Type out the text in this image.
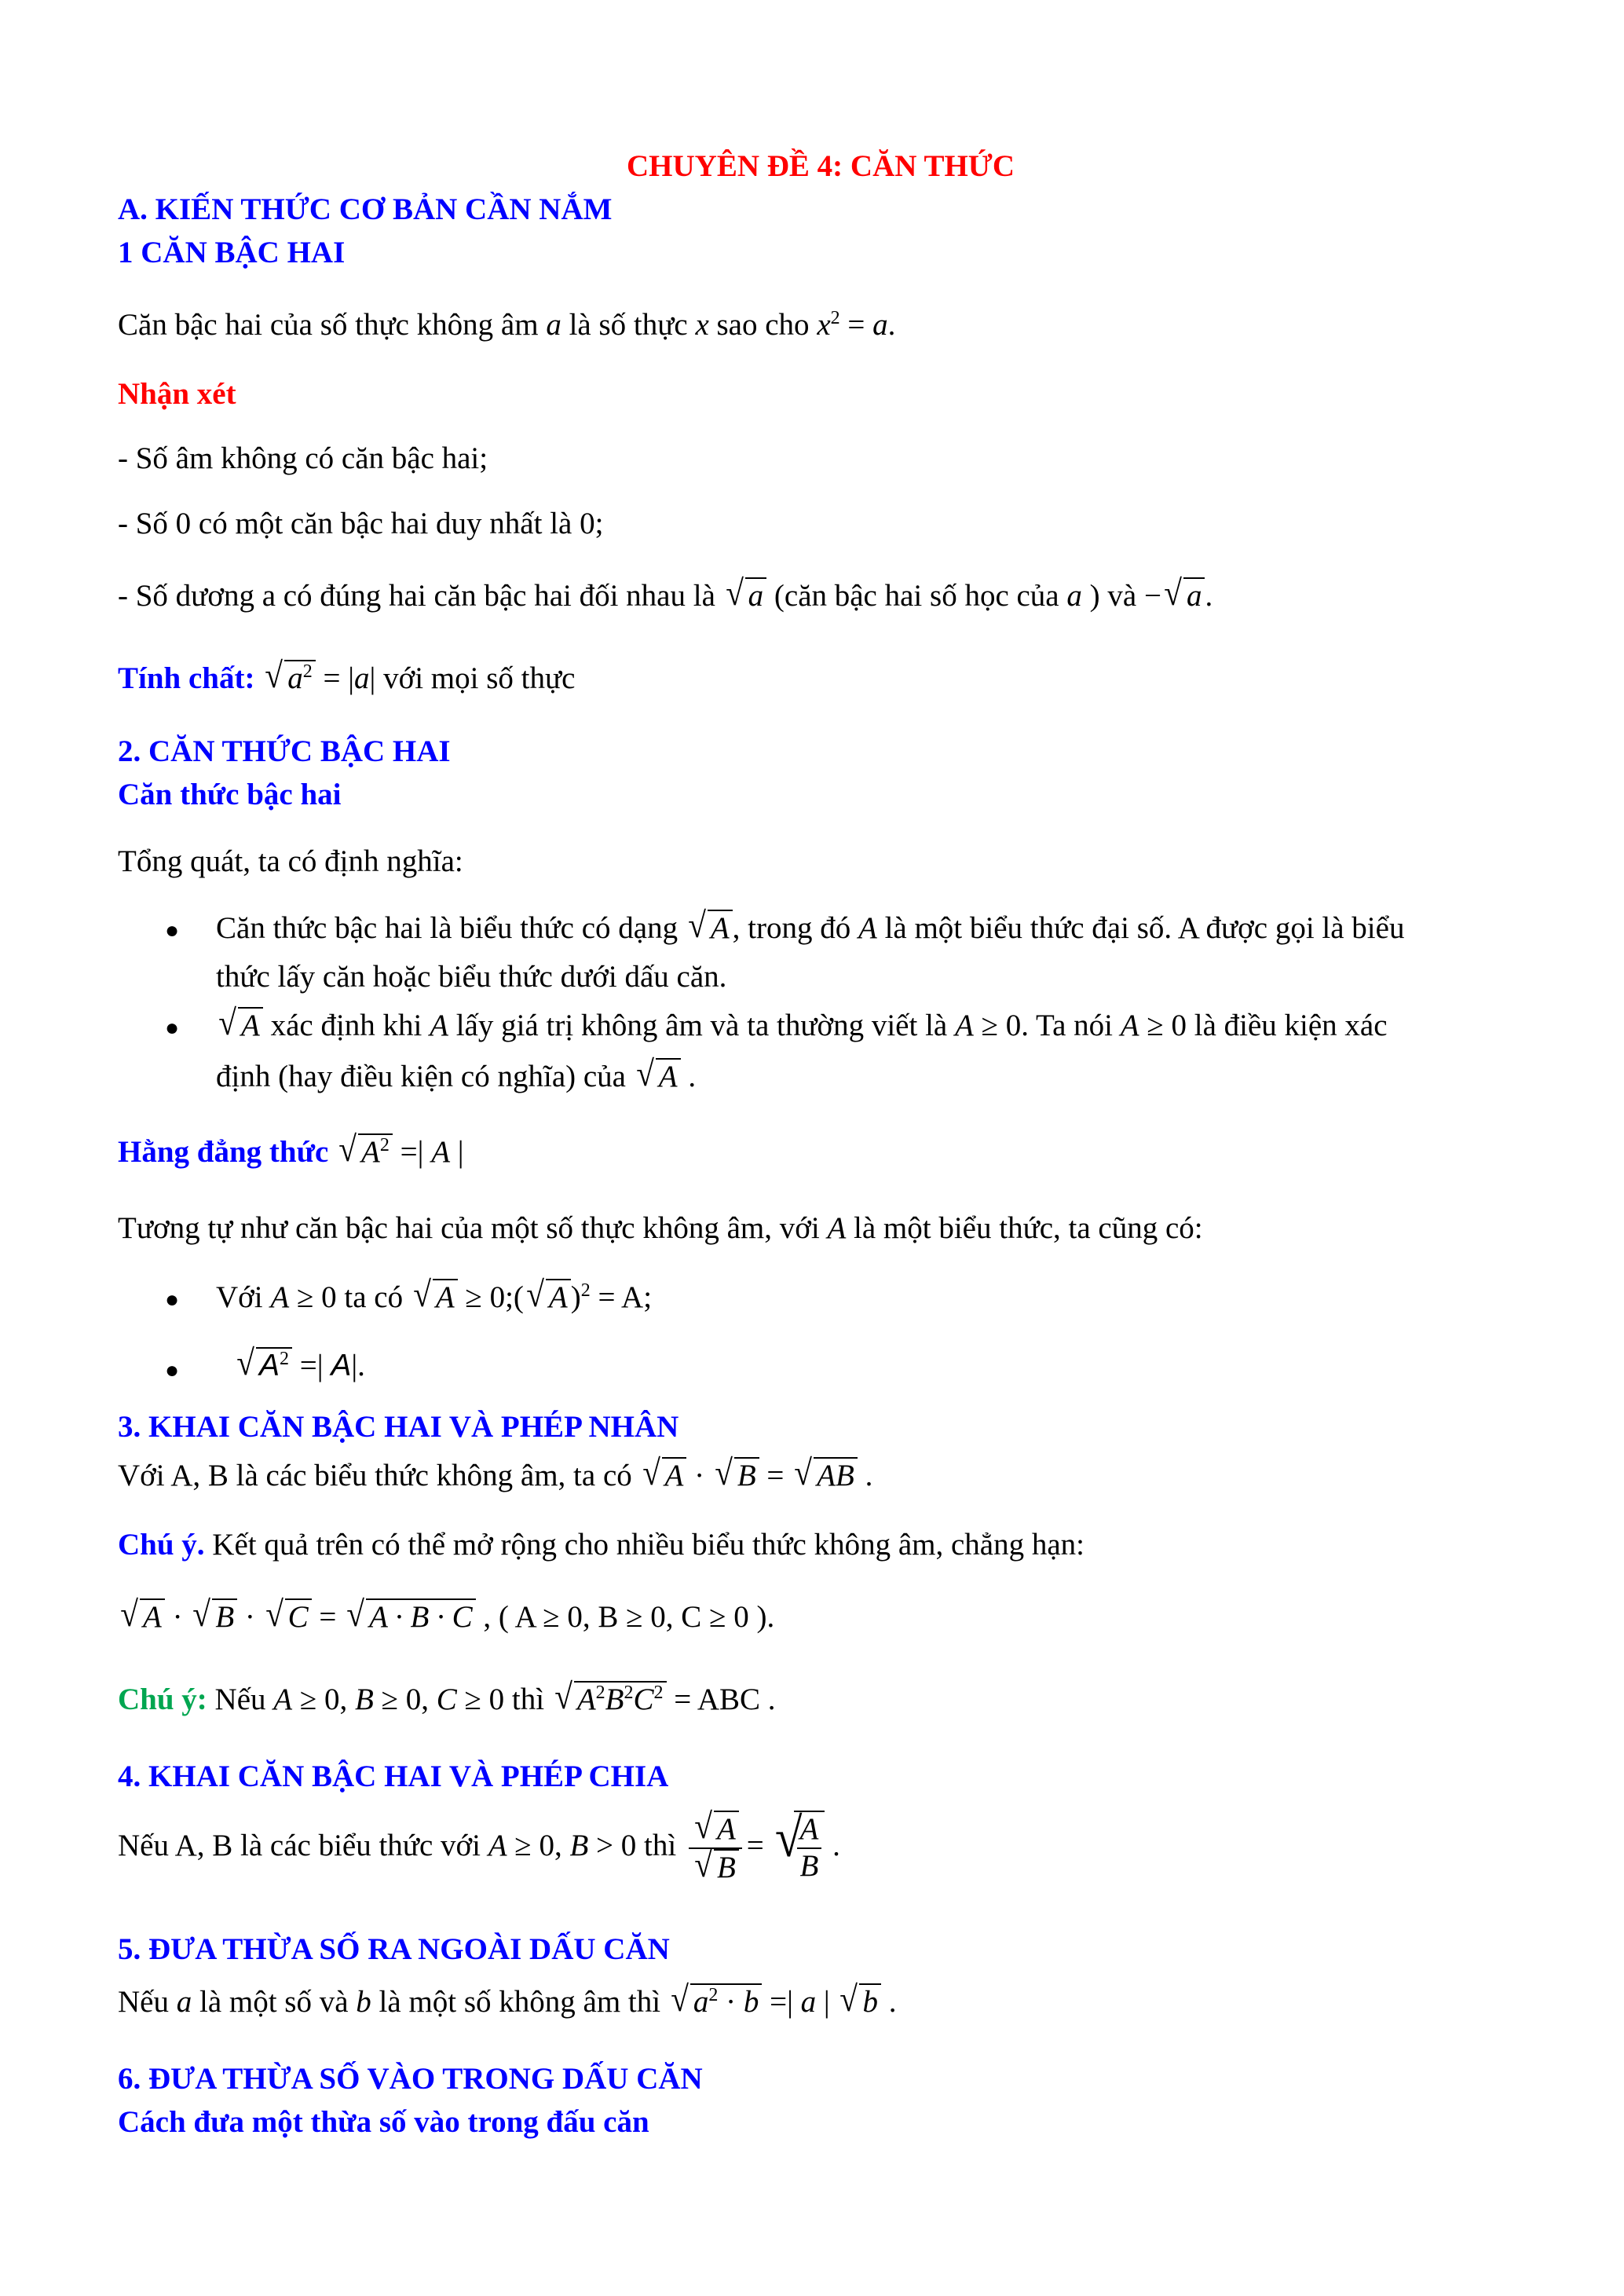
CHUYÊN ĐỀ 4: CĂN THỨC
A. KIẾN THỨC CƠ BẢN CẦN NẮM
1 CĂN BẬC HAI
Căn bậc hai của số thực không âm a là số thực x sao cho $x^2 = a$.
Nhận xét
- Số âm không có căn bậc hai;
- Số 0 có một căn bậc hai duy nhất là 0;
- Số dương a có đúng hai căn bậc hai đối nhau là √ a (căn bậc hai số học của a ) và − √ a .
Tính chất: √ $a^2 = |a|$ với mọi số thực
2. CĂN THỨC BẬC HAI
Căn thức bậc hai
Tổng quát, ta có định nghĩa:
● Căn thức bậc hai là biểu thức có dạng √ A , trong đó A là một biểu thức đại số. A được gọi là biểu
thức lấy căn hoặc biểu thức dưới dấu căn.
● √ A xác định khi A lấy giá trị không âm và ta thường viết là A ≥ 0. Ta nói A ≥ 0 là điều kiện xác
định (hay điều kiện có nghĩa) của √ A .
Hằng đẳng thức √ $A^2$ =| A |
Tương tự như căn bậc hai của một số thực không âm, với A là một biểu thức, ta cũng có:
● Với A ≥ 0 ta có √ A ≥ 0;( √ A )$^2$ = A;
● √ $A^2$ =| A|.
3. KHAI CĂN BẬC HAI VÀ PHÉP NHÂN
Với A, B là các biểu thức không âm, ta có √ A · √ B = √ AB .
Chú ý. Kết quả trên có thể mở rộng cho nhiều biểu thức không âm, chẳng hạn:
√ A · √ B · √ C = √ A · B · C , ( A ≥ 0, B ≥ 0, C ≥ 0 ).
Chú ý: Nếu A ≥ 0, B ≥ 0, C ≥ 0 thì √ $A^2B^2C^2$ = ABC .
4. KHAI CĂN BẬC HAI VÀ PHÉP CHIA
Nếu A, B là các biểu thức với A ≥ 0, B > 0 thì $\frac{√ A}{√ B}$ = √
$\frac{A}{B}$ .
5. ĐƯA THỪA SỐ RA NGOÀI DẤU CĂN
Nếu a là một số và b là một số không âm thì √ $a^2 \cdot b$ =| a | √ b .
6. ĐƯA THỪA SỐ VÀO TRONG DẤU CĂN
Cách đưa một thừa số vào trong đấu căn
